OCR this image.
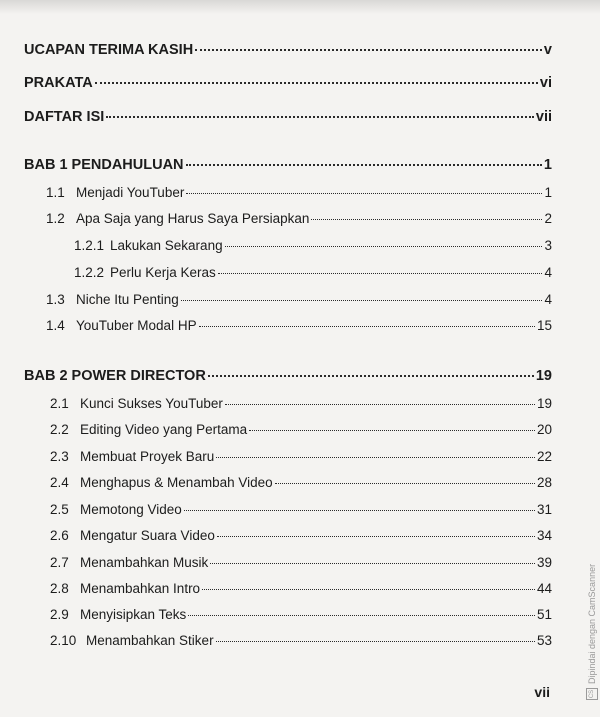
UCAPAN TERIMA KASIH	v
PRAKATA	vi
DAFTAR ISI	vii
BAB 1 PENDAHULUAN	1
1.1 Menjadi YouTuber	1
1.2 Apa Saja yang Harus Saya Persiapkan	2
1.2.1 Lakukan Sekarang	3
1.2.2 Perlu Kerja Keras	4
1.3 Niche Itu Penting	4
1.4 YouTuber Modal HP	15
BAB 2 POWER DIRECTOR	19
2.1 Kunci Sukses YouTuber	19
2.2 Editing Video yang Pertama	20
2.3 Membuat Proyek Baru	22
2.4 Menghapus & Menambah Video	28
2.5 Memotong Video	31
2.6 Mengatur Suara Video	34
2.7 Menambahkan Musik	39
2.8 Menambahkan Intro	44
2.9 Menyisipkan Teks	51
2.10 Menambahkan Stiker	53
vii	CS
Dipindai dengan CamScanner
